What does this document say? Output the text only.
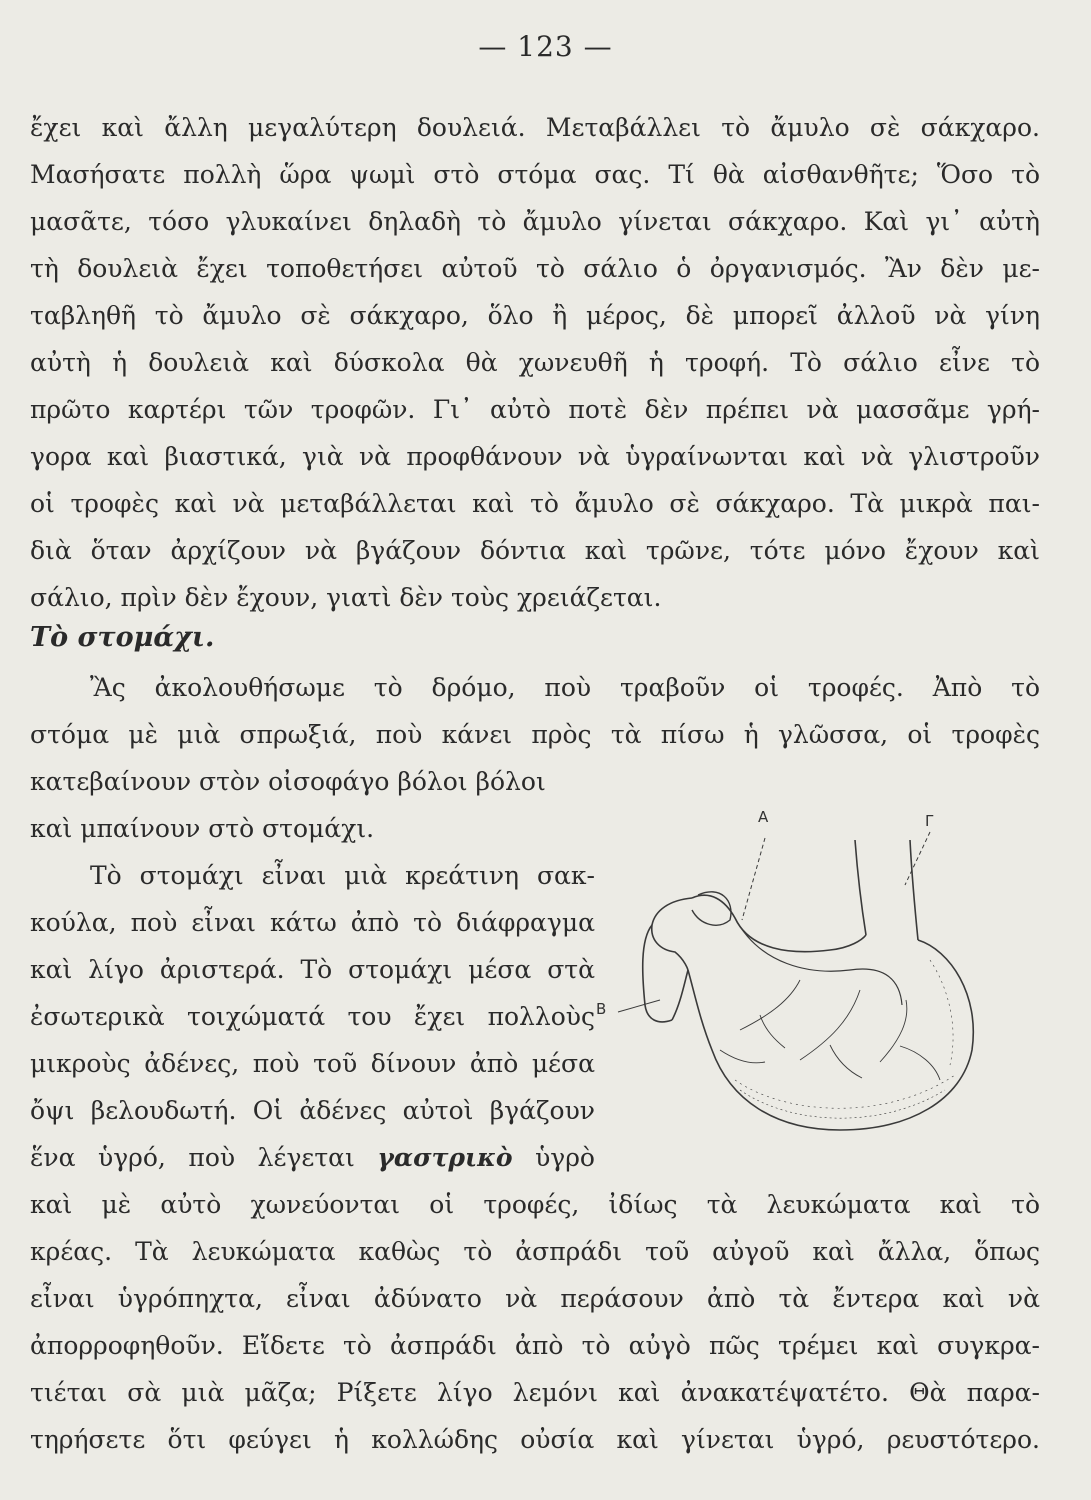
— 123 —
ἔχει καὶ ἄλλη μεγαλύτερη δουλειά. Μεταβάλλει τὸ ἄμυλο σὲ σάκχαρο.
Μασήσατε πολλὴ ὥρα ψωμὶ στὸ στόμα σας. Τί θὰ αἰσθανθῆτε; Ὅσο τὸ
μασᾶτε, τόσο γλυκαίνει δηλαδὴ τὸ ἄμυλο γίνεται σάκχαρο. Καὶ γι᾿ αὐτὴ
τὴ δουλειὰ ἔχει τοποθετήσει αὐτοῦ τὸ σάλιο ὁ ὀργανισμός. Ἂν δὲν με-
ταβληθῆ τὸ ἄμυλο σὲ σάκχαρο, ὅλο ἢ μέρος, δὲ μπορεῖ ἀλλοῦ νὰ γίνη
αὐτὴ ἡ δουλειὰ καὶ δύσκολα θὰ χωνευθῆ ἡ τροφή. Τὸ σάλιο εἶνε τὸ
πρῶτο καρτέρι τῶν τροφῶν. Γι᾿ αὐτὸ ποτὲ δὲν πρέπει νὰ μασσᾶμε γρή-
γορα καὶ βιαστικά, γιὰ νὰ προφθάνουν νὰ ὑγραίνωνται καὶ νὰ γλιστροῦν
οἱ τροφὲς καὶ νὰ μεταβάλλεται καὶ τὸ ἄμυλο σὲ σάκχαρο. Τὰ μικρὰ παι-
διὰ ὅταν ἀρχίζουν νὰ βγάζουν δόντια καὶ τρῶνε, τότε μόνο ἔχουν καὶ
σάλιο, πρὶν δὲν ἔχουν, γιατὶ δὲν τοὺς χρειάζεται.
Τὸ στομάχι.
Ἂς ἀκολουθήσωμε τὸ δρόμο, ποὺ τραβοῦν οἱ τροφές. Ἀπὸ τὸ
στόμα μὲ μιὰ σπρωξιά, ποὺ κάνει πρὸς τὰ πίσω ἡ γλῶσσα, οἱ τροφὲς
κατεβαίνουν στὸν οἰσοφάγο βόλοι βόλοι
καὶ μπαίνουν στὸ στομάχι.
Τὸ στομάχι εἶναι μιὰ κρεάτινη σακ-
κούλα, ποὺ εἶναι κάτω ἀπὸ τὸ διάφραγμα
καὶ λίγο ἀριστερά. Τὸ στομάχι μέσα στὰ
ἐσωτερικὰ τοιχώματά του ἔχει πολλοὺς
μικροὺς ἀδένες, ποὺ τοῦ δίνουν ἀπὸ μέσα
ὄψι βελουδωτή. Οἱ ἀδένες αὐτοὶ βγάζουν
ἕνα ὑγρό, ποὺ λέγεται γαστρικὸ ὑγρὸ
καὶ μὲ αὐτὸ χωνεύονται οἱ τροφές, ἰδίως τὰ λευκώματα καὶ τὸ
κρέας. Τὰ λευκώματα καθὼς τὸ ἀσπράδι τοῦ αὐγοῦ καὶ ἄλλα, ὅπως
εἶναι ὑγρόπηχτα, εἶναι ἀδύνατο νὰ περάσουν ἀπὸ τὰ ἔντερα καὶ νὰ
ἀπορροφηθοῦν. Εἴδετε τὸ ἀσπράδι ἀπὸ τὸ αὐγὸ πῶς τρέμει καὶ συγκρα-
τιέται σὰ μιὰ μᾶζα; Ρίξετε λίγο λεμόνι καὶ ἀνακατέψατέτο. Θὰ παρα-
τηρήσετε ὅτι φεύγει ἡ κολλώδης οὐσία καὶ γίνεται ὑγρό, ρευστότερο.
Α	Γ
Β
